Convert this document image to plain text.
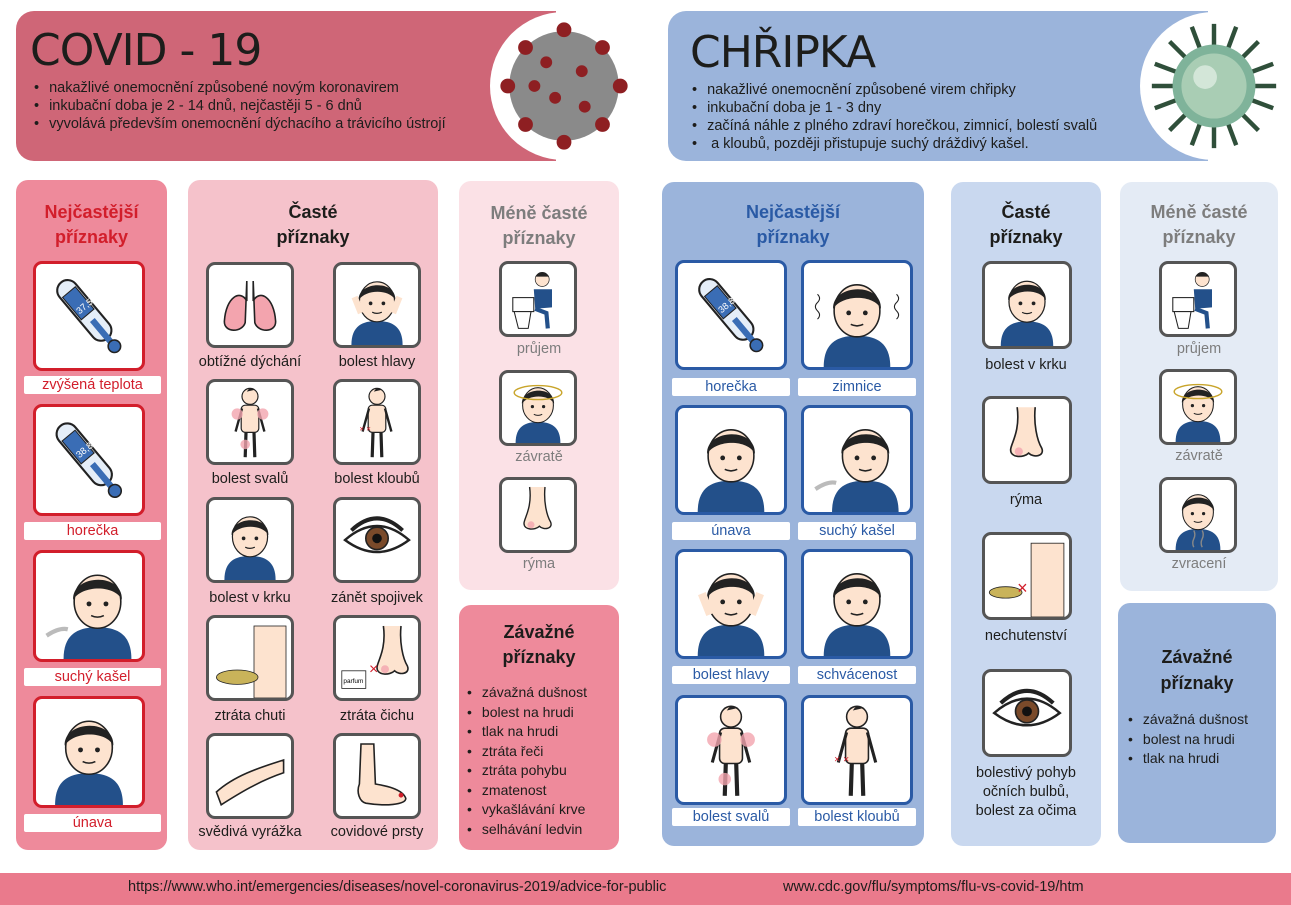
COVID - 19
• nakažlivé onemocnění způsobené novým koronavirem
• inkubační doba je 2 - 14 dnů, nejčastěji 5 - 6 dnů
• vyvolává především onemocnění dýchacího a trávicího ústrojí
CHŘIPKA
• nakažlivé onemocnění způsobené virem chřipky
• inkubační doba je 1 - 3 dny
• začíná náhle z plného zdraví horečkou, zimnicí, bolestí svalů
• a kloubů, později přistupuje suchý dráždivý kašel.
Nejčastější
příznaky
37,5
zvýšená teplota
38,8
horečka
suchý kašel
únava
Časté
příznaky
obtížné dýchání	bolest hlavy
bolest svalů
× ×
bolest kloubů
bolest v krku	zánět spojivek
ztráta chuti
parfum
×
ztráta čichu
svědivá vyrážka	covidové prsty
Méně časté
příznaky
průjem
závratě
rýma
Závažné
příznaky
• závažná dušnost
• bolest na hrudi
• tlak na hrudi
• ztráta řeči
• ztráta pohybu
• zmatenost
• vykašlávání krve
• selhávání ledvin
Nejčastější
příznaky
38,8
horečka	zimnice
únava	suchý kašel
bolest hlavy	schvácenost
bolest svalů
× ×
bolest kloubů
Časté
příznaky
bolest v krku
rýma
×
nechutenství
bolestivý pohyb
očních bulbů,
bolest za očima
Méně časté
příznaky
průjem
závratě
zvracení
Závažné
příznaky
• závažná dušnost
• bolest na hrudi
• tlak na hrudi
https://www.who.int/emergencies/diseases/novel-coronavirus-2019/advice-for-public	www.cdc.gov/flu/symptoms/flu-vs-covid-19/htm
